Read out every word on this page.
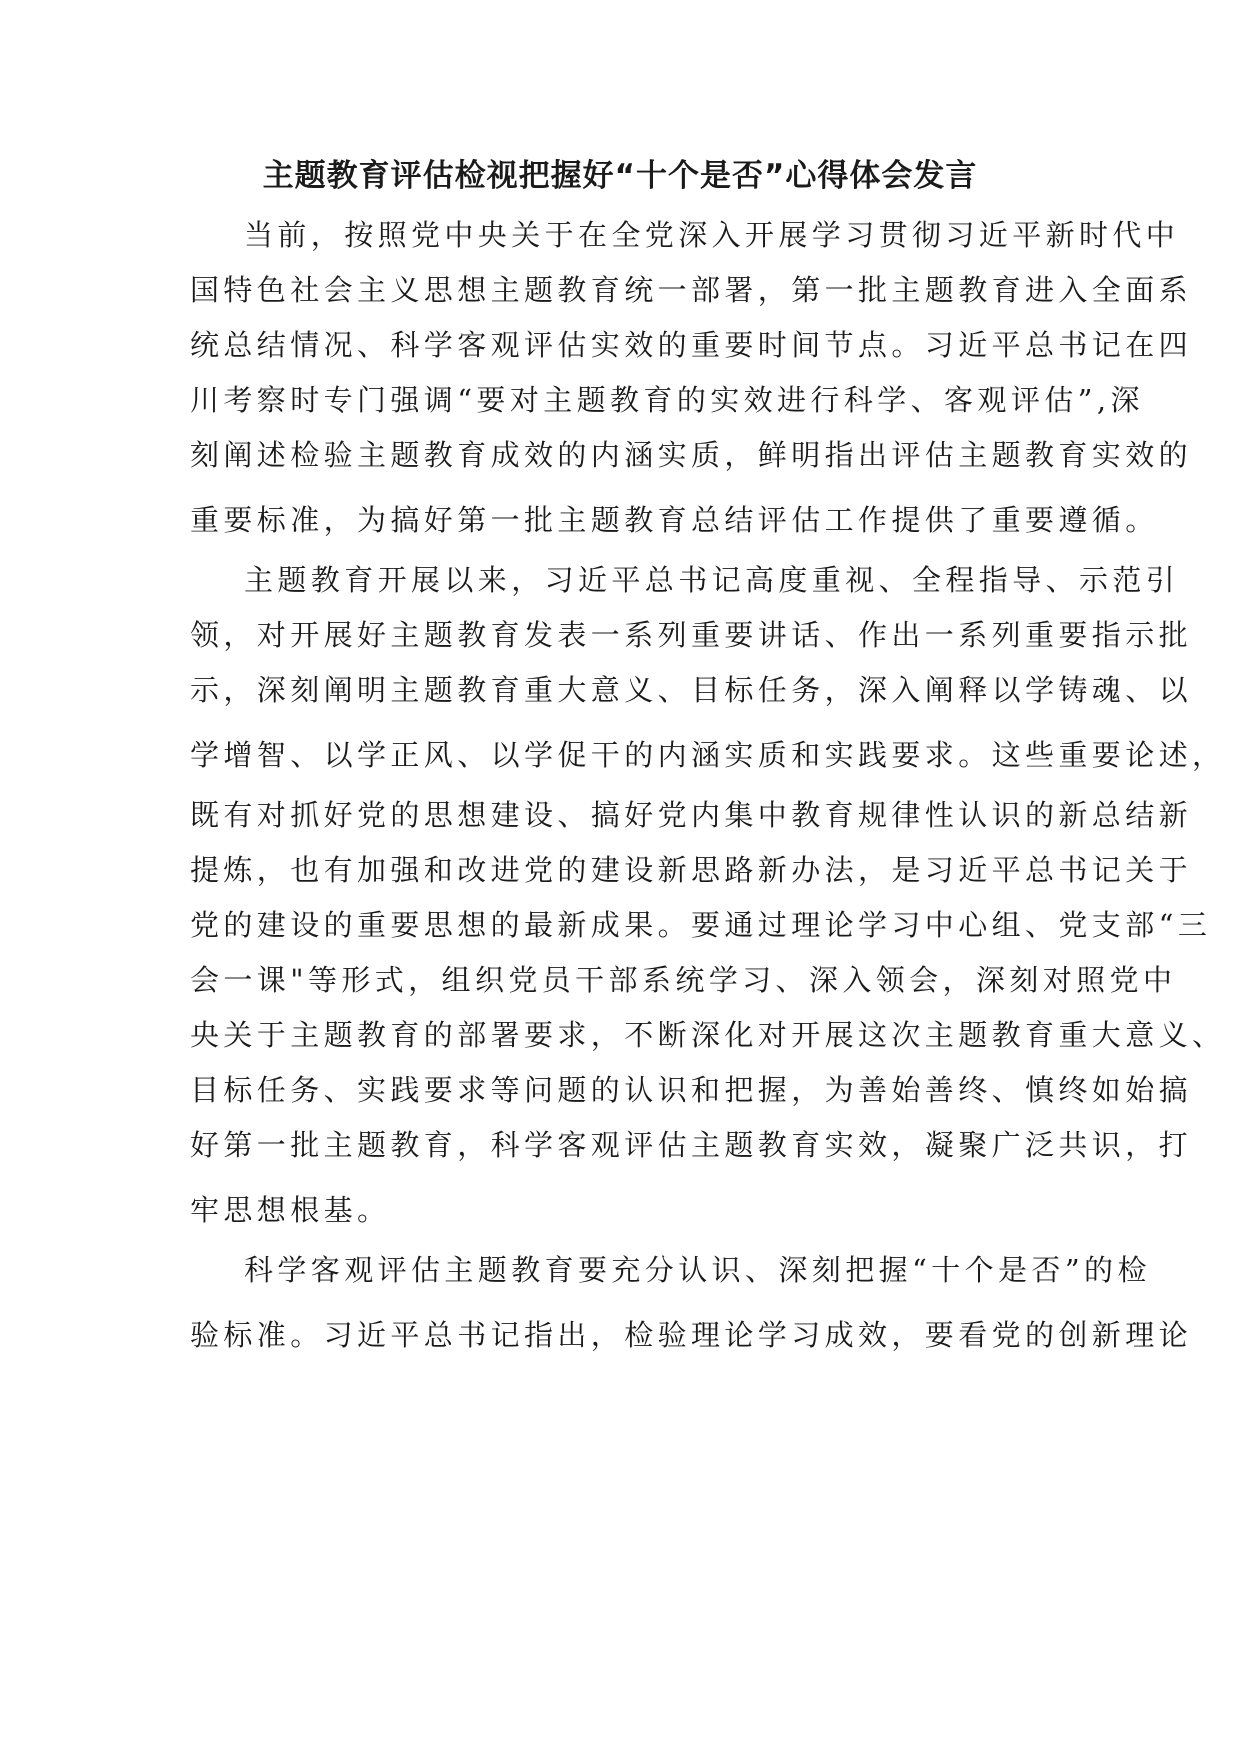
主题教育评估检视把握好“十个是否”心得体会发言
当前，按照党中央关于在全党深入开展学习贯彻习近平新时代中
国特色社会主义思想主题教育统一部署，第一批主题教育进入全面系
统总结情况、科学客观评估实效的重要时间节点。习近平总书记在四
川考察时专门强调“要对主题教育的实效进行科学、客观评估”,深
刻阐述检验主题教育成效的内涵实质，鲜明指出评估主题教育实效的
重要标准，为搞好第一批主题教育总结评估工作提供了重要遵循。
主题教育开展以来，习近平总书记高度重视、全程指导、示范引
领，对开展好主题教育发表一系列重要讲话、作出一系列重要指示批
示，深刻阐明主题教育重大意义、目标任务，深入阐释以学铸魂、以
学增智、以学正风、以学促干的内涵实质和实践要求。这些重要论述，
既有对抓好党的思想建设、搞好党内集中教育规律性认识的新总结新
提炼，也有加强和改进党的建设新思路新办法，是习近平总书记关于
党的建设的重要思想的最新成果。要通过理论学习中心组、党支部“三
会一课"等形式，组织党员干部系统学习、深入领会，深刻对照党中
央关于主题教育的部署要求，不断深化对开展这次主题教育重大意义、
目标任务、实践要求等问题的认识和把握，为善始善终、慎终如始搞
好第一批主题教育，科学客观评估主题教育实效，凝聚广泛共识，打
牢思想根基。
科学客观评估主题教育要充分认识、深刻把握“十个是否”的检
验标准。习近平总书记指出，检验理论学习成效，要看党的创新理论
